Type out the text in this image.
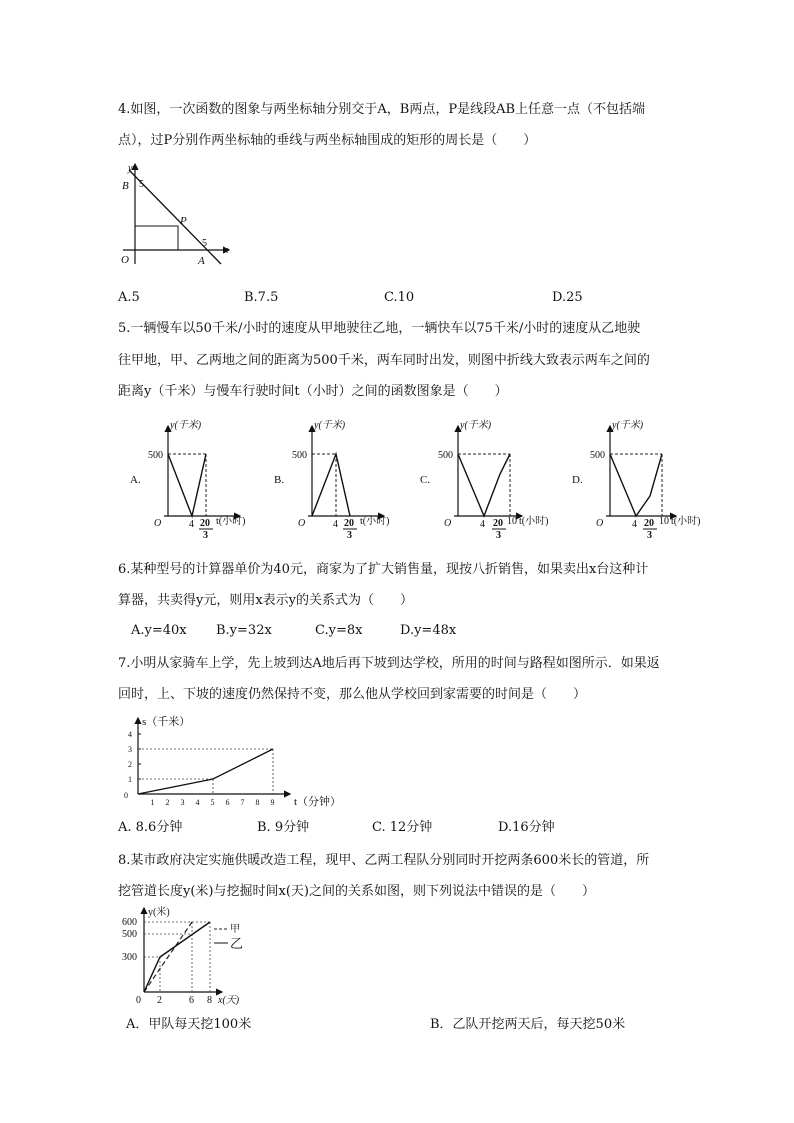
4.如图，一次函数的图象与两坐标轴分别交于A，B两点，P是线段AB上任意一点（不包括端
点），过P分别作两坐标轴的垂线与两坐标轴围成的矩形的周长是（　　）
y
x
B 5
P
5
A
O
A.5	B.7.5	C.10	D.25
5.一辆慢车以50千米/小时的速度从甲地驶往乙地，一辆快车以75千米/小时的速度从乙地驶
往甲地，甲、乙两地之间的距离为500千米，两车同时出发，则图中折线大致表示两车之间的
距离y（千米）与慢车行驶时间t（小时）之间的函数图象是（　　）
A.
y(千米)
500
O	4 20
3
t(小时)
B.
y(千米)
500
O	4 20
3
t(小时)
C.
y(千米)
500
O	4 20
3
10 t(小时)
D.
y(千米)
500
O	4 20
3
10 t(小时)
6.某种型号的计算器单价为40元，商家为了扩大销售量，现按八折销售，如果卖出x台这种计
算器，共卖得y元，则用x表示y的关系式为（　　）
A.y=40x B.y=32x	C.y=8x	D.y=48x
7.小明从家骑车上学，先上坡到达A地后再下坡到达学校，所用的时间与路程如图所示．如果返
回时，上、下坡的速度仍然保持不变，那么他从学校回到家需要的时间是（　　）
0
1
2
3
4
1 2 3 4 5 6 7 8 9
s（千米）
t（分钟）
A. 8.6分钟	B. 9分钟	C. 12分钟	D.16分钟
8.某市政府决定实施供暖改造工程，现甲、乙两工程队分别同时开挖两条600米长的管道，所
挖管道长度y(米)与挖掘时间x(天)之间的关系如图，则下列说法中错误的是（　　）
y(米)
600
500
300
0 2	6 8 x(天)
甲
乙
A．甲队每天挖100米	B．乙队开挖两天后，每天挖50米
